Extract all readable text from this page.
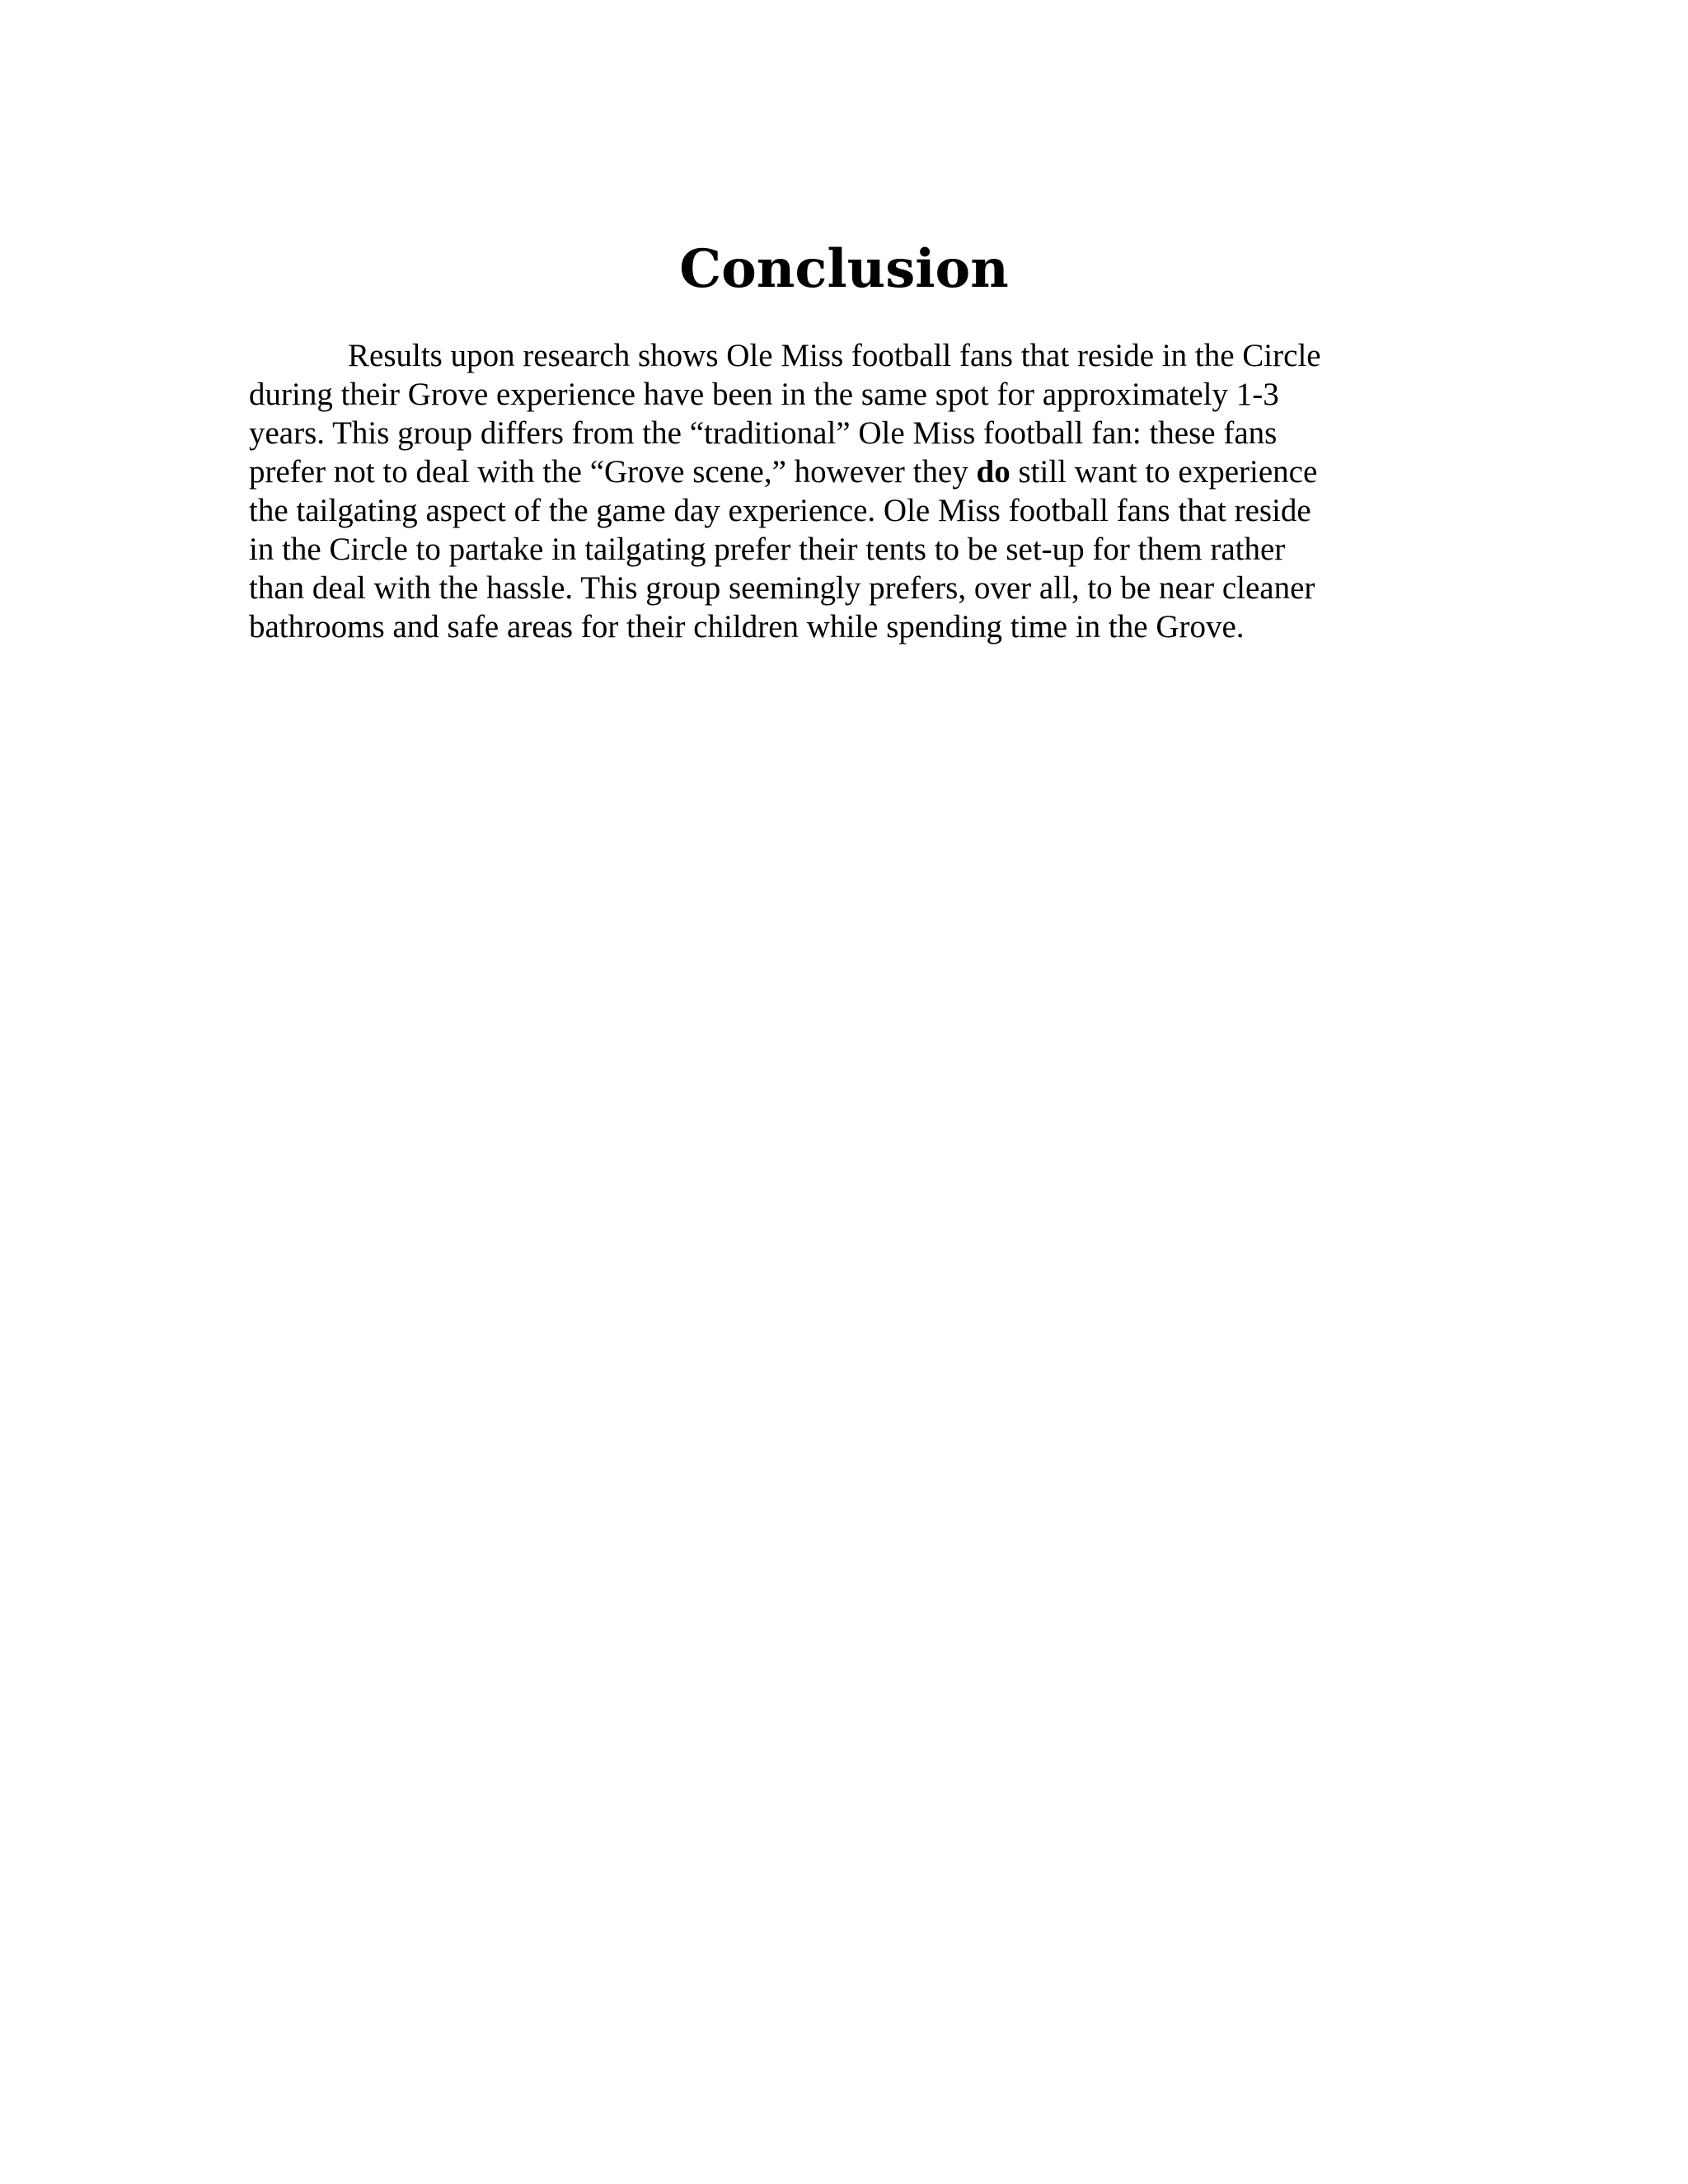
Conclusion

Results upon research shows Ole Miss football fans that reside in the Circle
during their Grove experience have been in the same spot for approximately 1-3
years. This group differs from the “traditional” Ole Miss football fan: these fans
prefer not to deal with the “Grove scene,” however they do still want to experience
the tailgating aspect of the game day experience. Ole Miss football fans that reside
in the Circle to partake in tailgating prefer their tents to be set-up for them rather
than deal with the hassle. This group seemingly prefers, over all, to be near cleaner
bathrooms and safe areas for their children while spending time in the Grove.
